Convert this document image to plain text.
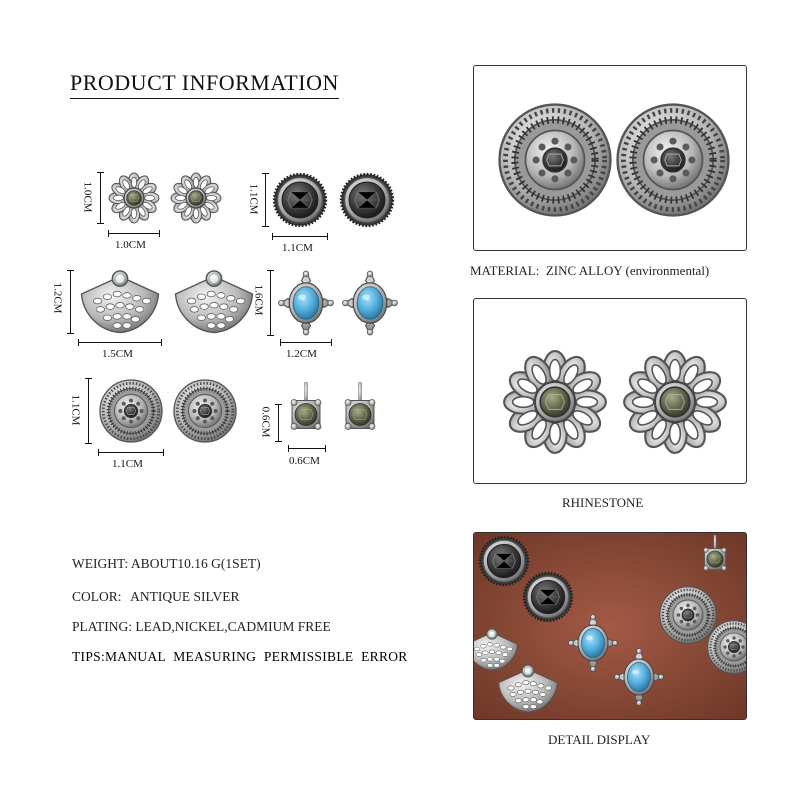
PRODUCT INFORMATION
1.0CM
1.0CM
1.1CM
1.1CM
1.2CM
1.5CM
1.6CM
1.2CM
1.1CM
1.1CM
0.6CM
0.6CM
WEIGHT: ABOUT10.16 G(1SET)
COLOR: ANTIQUE SILVER
PLATING: LEAD,NICKEL,CADMIUM FREE
TIPS:MANUAL MEASURING PERMISSIBLE ERROR
MATERIAL: ZINC ALLOY (environmental)
RHINESTONE
DETAIL DISPLAY
